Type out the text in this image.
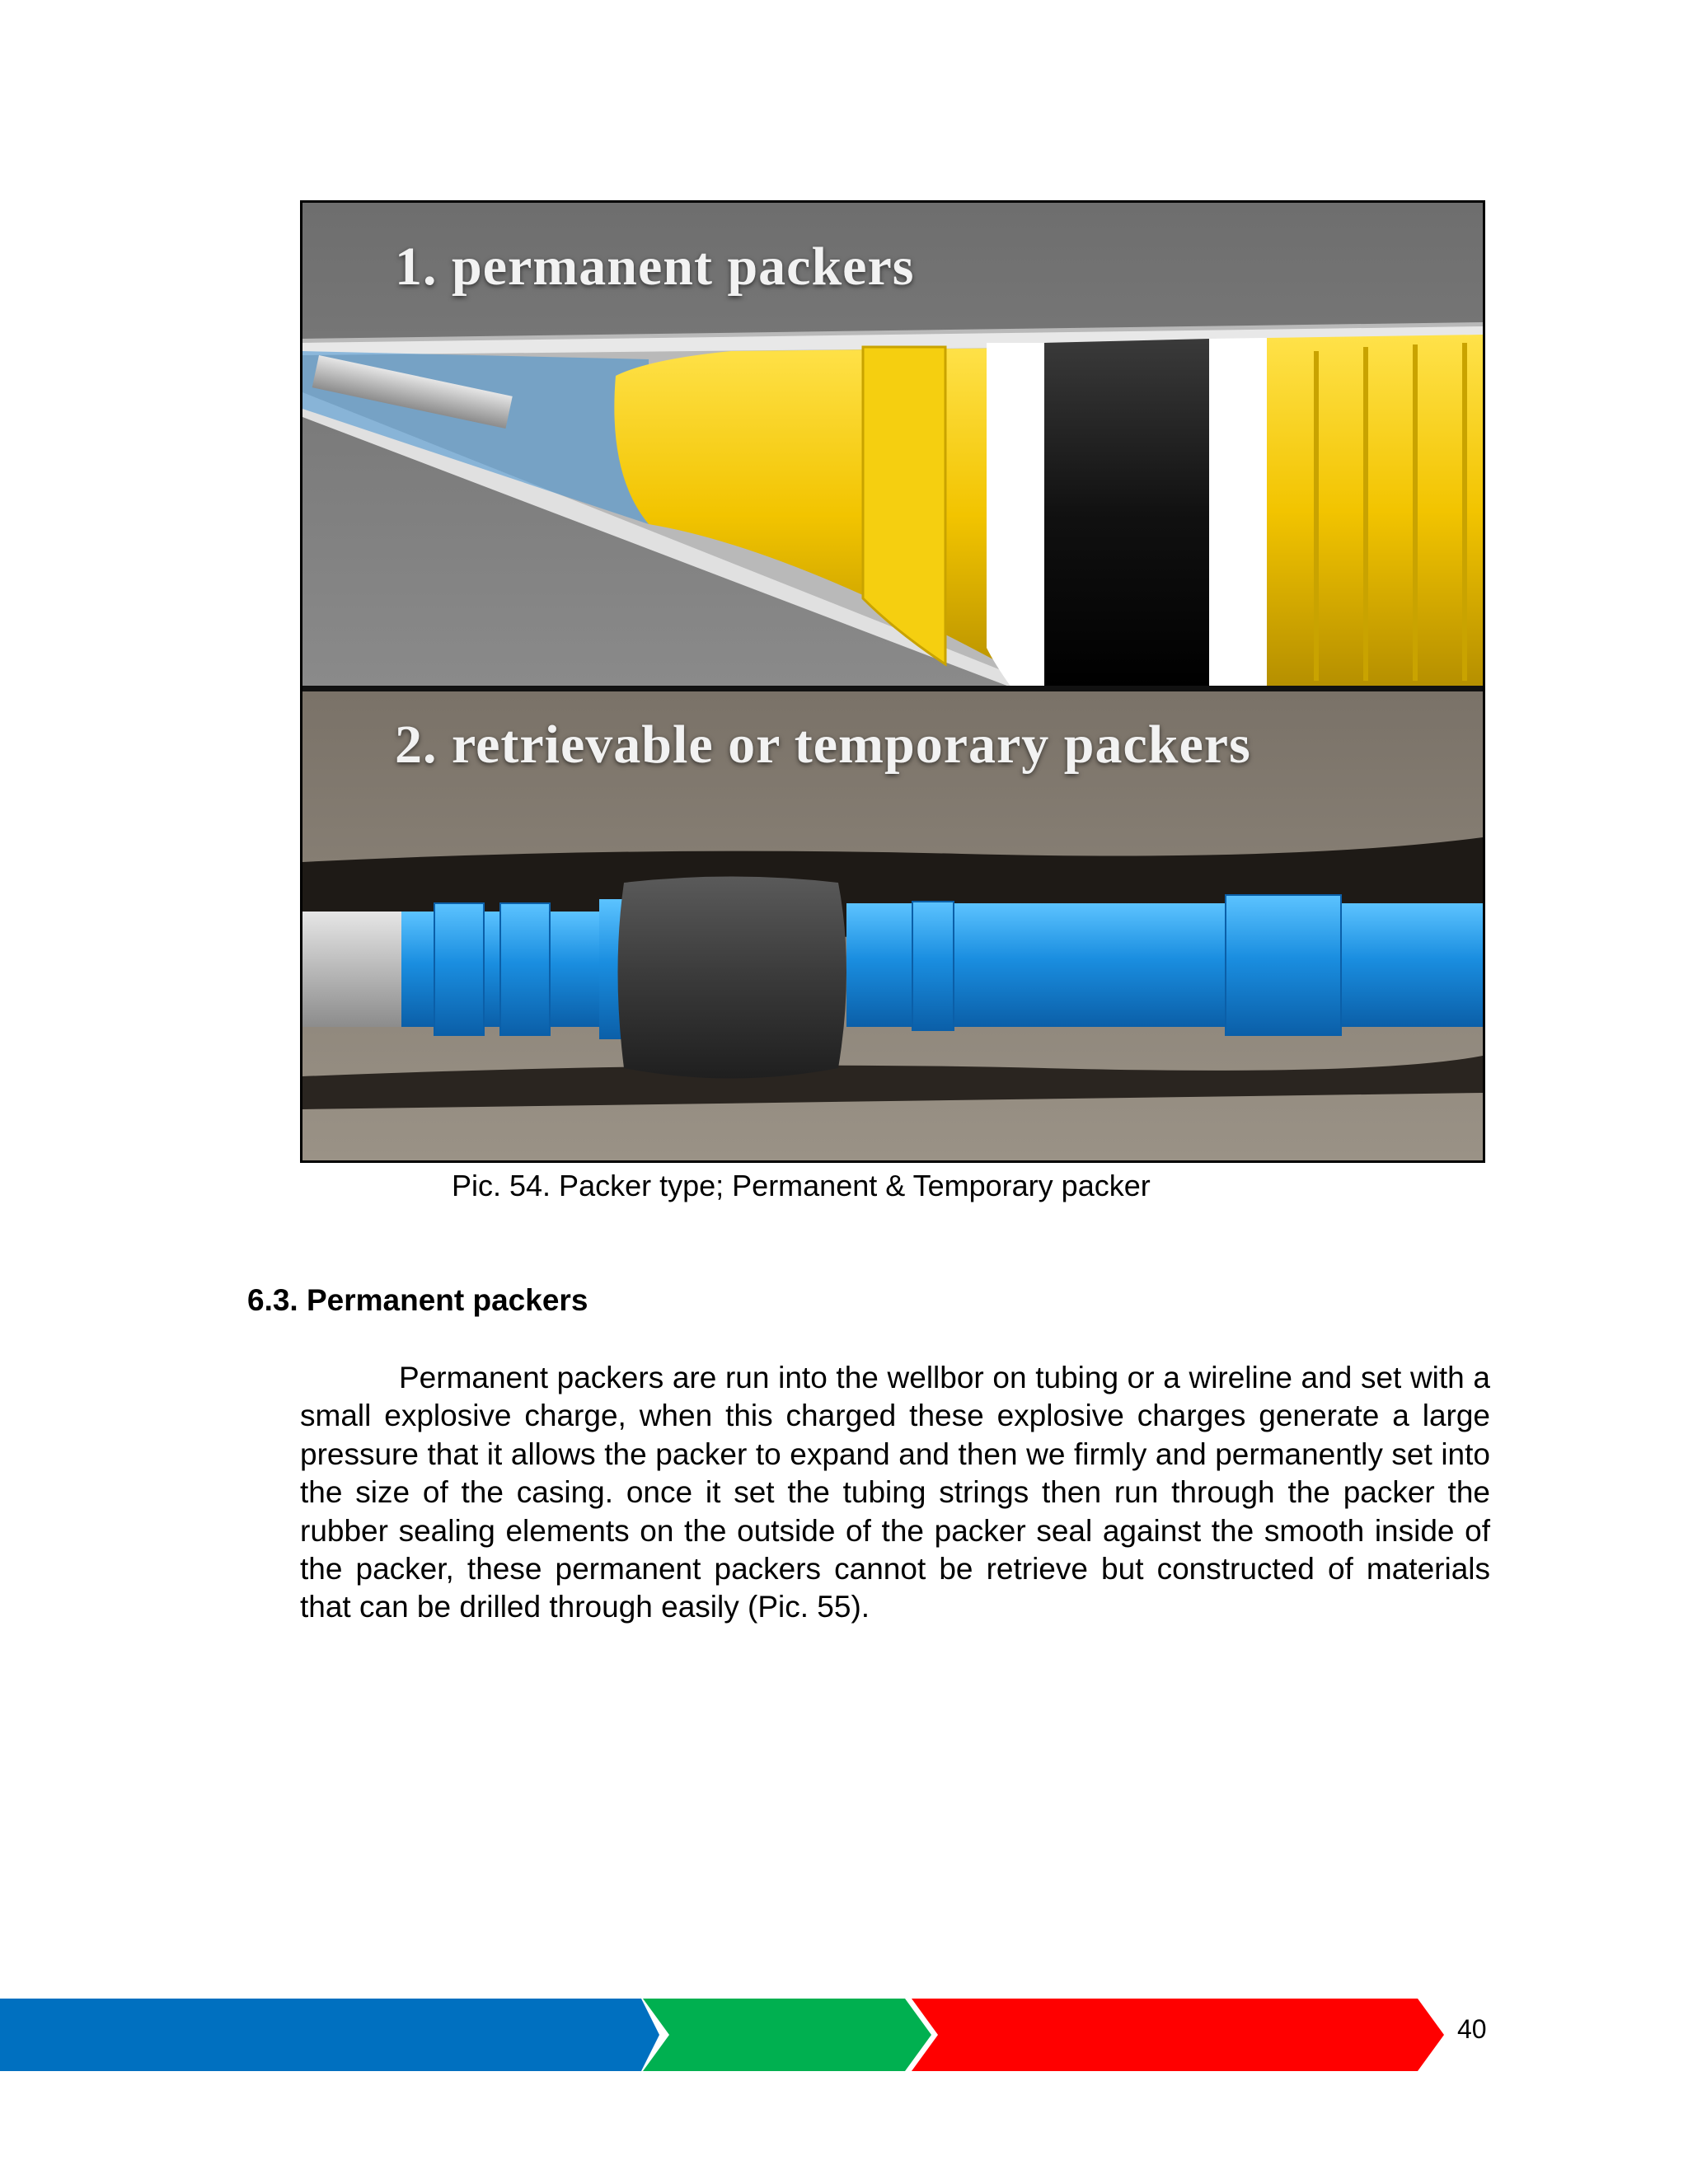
1. permanent packers
2. retrievable or temporary packers
Pic. 54. Packer type; Permanent & Temporary packer
6.3. Permanent packers

Permanent packers are run into the wellbor on tubing or a wireline and set with a small explosive charge, when this charged these explosive charges generate a large pressure that it allows the packer to expand and then we firmly and permanently set into the size of the casing. once it set the tubing strings then run through the packer the rubber sealing elements on the outside of the packer seal against the smooth inside of the packer, these permanent packers cannot be retrieve but constructed of materials that can be drilled through easily (Pic. 55).

40
